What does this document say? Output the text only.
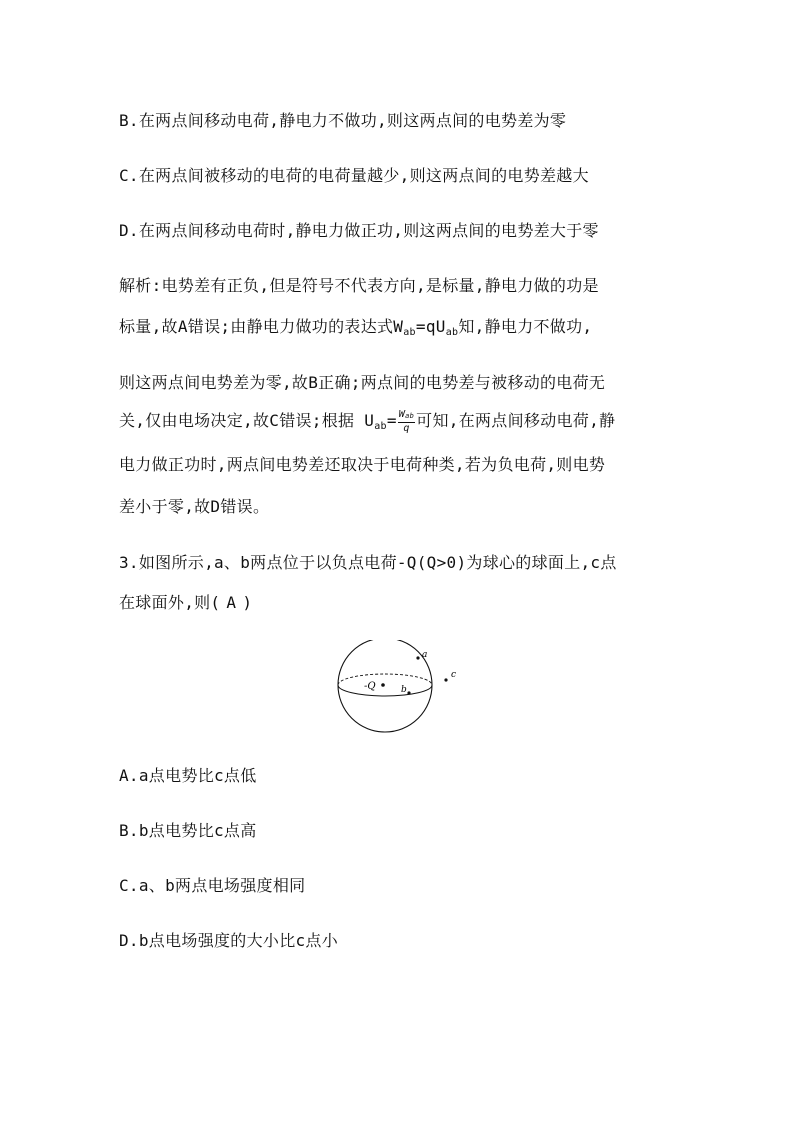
B.在两点间移动电荷,静电力不做功,则这两点间的电势差为零
C.在两点间被移动的电荷的电荷量越少,则这两点间的电势差越大
D.在两点间移动电荷时,静电力做正功,则这两点间的电势差大于零
解析:电势差有正负,但是符号不代表方向,是标量,静电力做的功是
标量,故A错误;由静电力做功的表达式$W_{ab}=qU_{ab}$知,静电力不做功,
则这两点间电势差为零,故B正确;两点间的电势差与被移动的电荷无
关,仅由电场决定,故C错误;根据 $U_{ab}= \frac{W_{ab}}{q}$ 可知,在两点间移动电荷,静
电力做正功时,两点间电势差还取决于电荷种类,若为负电荷,则电势
差小于零,故D错误。
3.如图所示,a、b两点位于以负点电荷-Q(Q>0)为球心的球面上,c点
在球面外,则( A )
-Q
a
b
c
A.a点电势比c点低
B.b点电势比c点高
C.a、b两点电场强度相同
D.b点电场强度的大小比c点小
